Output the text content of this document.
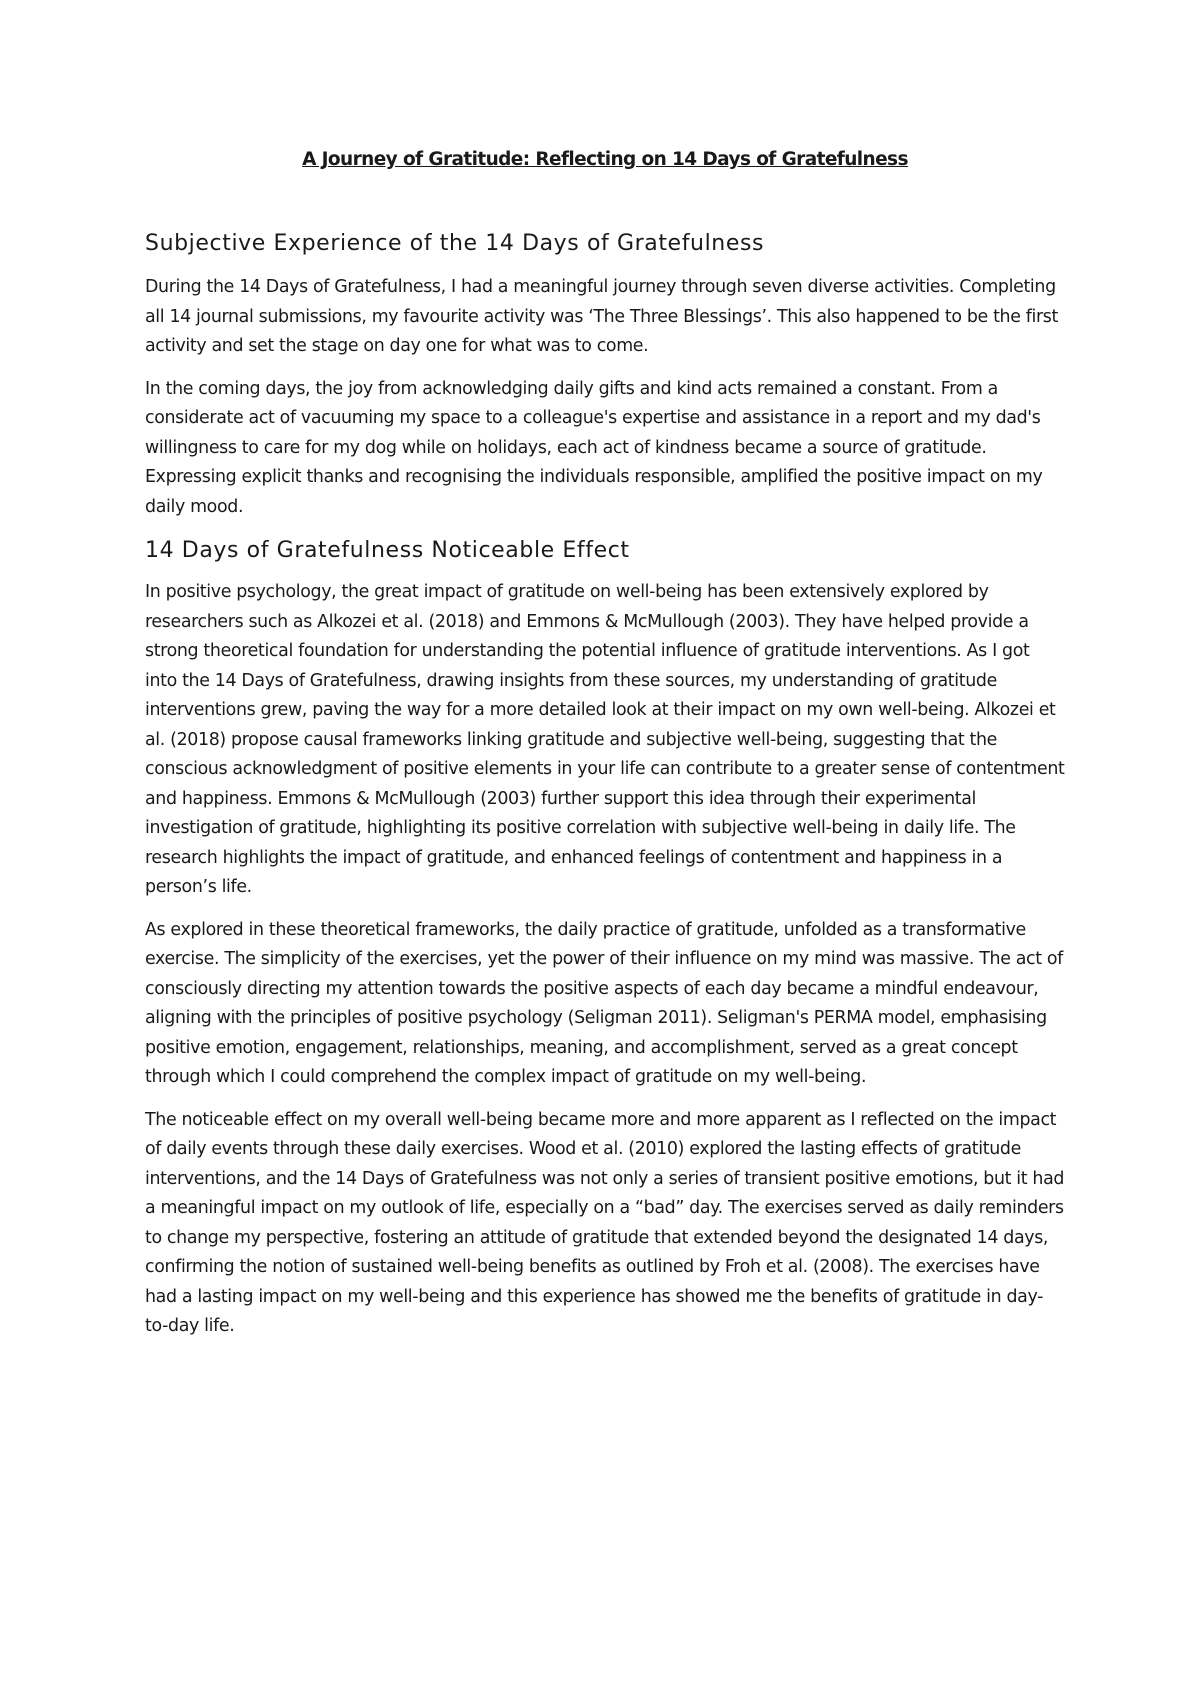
A Journey of Gratitude: Reflecting on 14 Days of Gratefulness
Subjective Experience of the 14 Days of Gratefulness

During the 14 Days of Gratefulness, I had a meaningful journey through seven diverse activities. Completing all 14 journal submissions, my favourite activity was ‘The Three Blessings’. This also happened to be the first activity and set the stage on day one for what was to come.

In the coming days, the joy from acknowledging daily gifts and kind acts remained a constant. From a considerate act of vacuuming my space to a colleague's expertise and assistance in a report and my dad's willingness to care for my dog while on holidays, each act of kindness became a source of gratitude. Expressing explicit thanks and recognising the individuals responsible, amplified the positive impact on my daily mood.

14 Days of Gratefulness Noticeable Effect

In positive psychology, the great impact of gratitude on well-being has been extensively explored by researchers such as Alkozei et al. (2018) and Emmons & McMullough (2003). They have helped provide a strong theoretical foundation for understanding the potential influence of gratitude interventions. As I got into the 14 Days of Gratefulness, drawing insights from these sources, my understanding of gratitude interventions grew, paving the way for a more detailed look at their impact on my own well-being. Alkozei et al. (2018) propose causal frameworks linking gratitude and subjective well-being, suggesting that the conscious acknowledgment of positive elements in your life can contribute to a greater sense of contentment and happiness. Emmons & McMullough (2003) further support this idea through their experimental investigation of gratitude, highlighting its positive correlation with subjective well-being in daily life. The research highlights the impact of gratitude, and enhanced feelings of contentment and happiness in a person’s life.

As explored in these theoretical frameworks, the daily practice of gratitude, unfolded as a transformative exercise. The simplicity of the exercises, yet the power of their influence on my mind was massive. The act of consciously directing my attention towards the positive aspects of each day became a mindful endeavour, aligning with the principles of positive psychology (Seligman 2011). Seligman's PERMA model, emphasising positive emotion, engagement, relationships, meaning, and accomplishment, served as a great concept through which I could comprehend the complex impact of gratitude on my well-being.

The noticeable effect on my overall well-being became more and more apparent as I reflected on the impact of daily events through these daily exercises. Wood et al. (2010) explored the lasting effects of gratitude interventions, and the 14 Days of Gratefulness was not only a series of transient positive emotions, but it had a meaningful impact on my outlook of life, especially on a “bad” day. The exercises served as daily reminders to change my perspective, fostering an attitude of gratitude that extended beyond the designated 14 days, confirming the notion of sustained well-being benefits as outlined by Froh et al. (2008). The exercises have had a lasting impact on my well-being and this experience has showed me the benefits of gratitude in day-to-day life.
